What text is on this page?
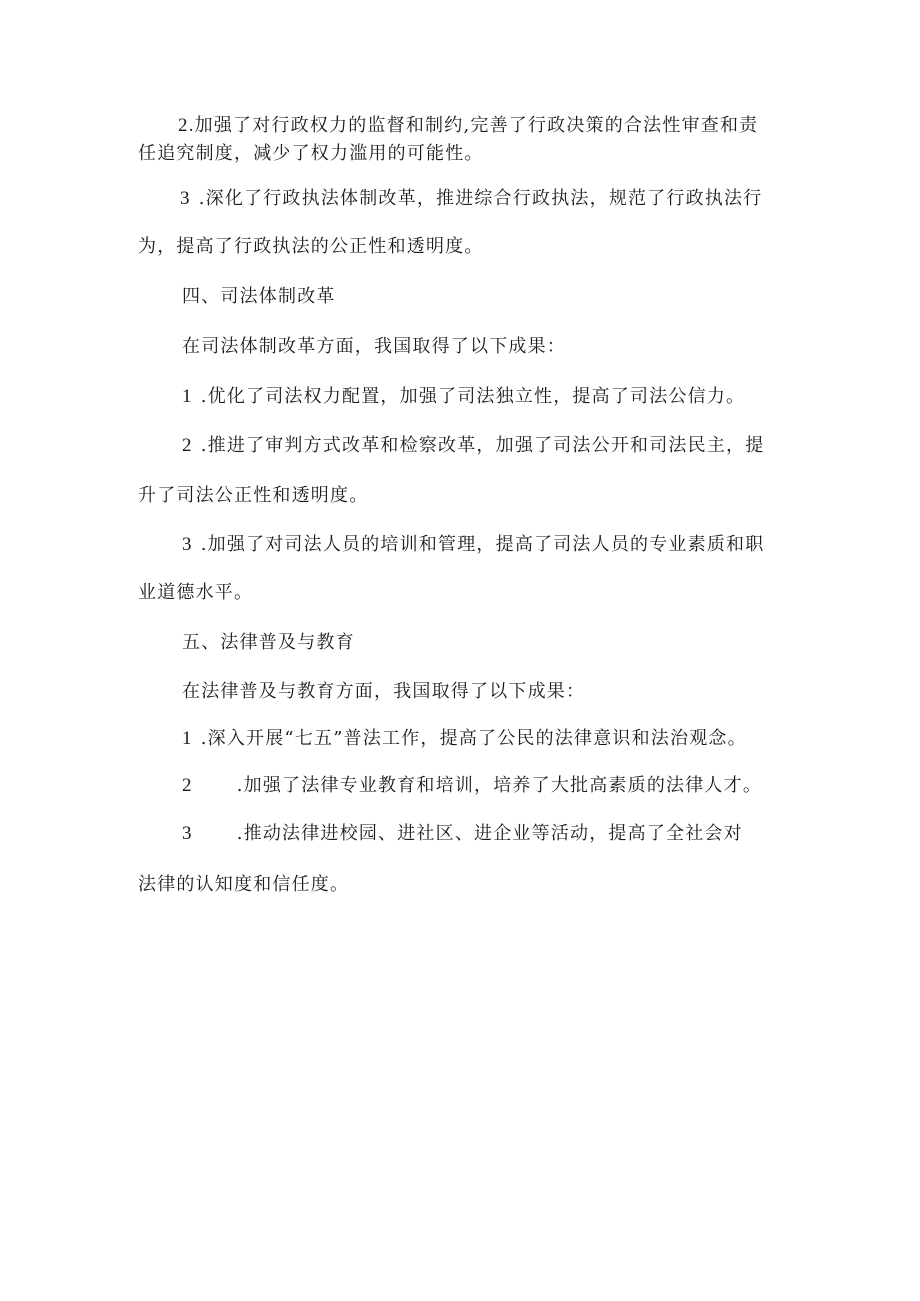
2.加强了对行政权力的监督和制约,完善了行政决策的合法性审查和责
任追究制度，减少了权力滥用的可能性。
3 .深化了行政执法体制改革，推进综合行政执法，规范了行政执法行
为，提高了行政执法的公正性和透明度。
四、司法体制改革
在司法体制改革方面，我国取得了以下成果：
1 .优化了司法权力配置，加强了司法独立性，提高了司法公信力。
2 .推进了审判方式改革和检察改革，加强了司法公开和司法民主，提
升了司法公正性和透明度。
3 .加强了对司法人员的培训和管理，提高了司法人员的专业素质和职
业道德水平。
五、法律普及与教育
在法律普及与教育方面，我国取得了以下成果：
1 .深入开展“七五”普法工作，提高了公民的法律意识和法治观念。
2 .加强了法律专业教育和培训，培养了大批高素质的法律人才。
3 .推动法律进校园、进社区、进企业等活动，提高了全社会对
法律的认知度和信任度。
